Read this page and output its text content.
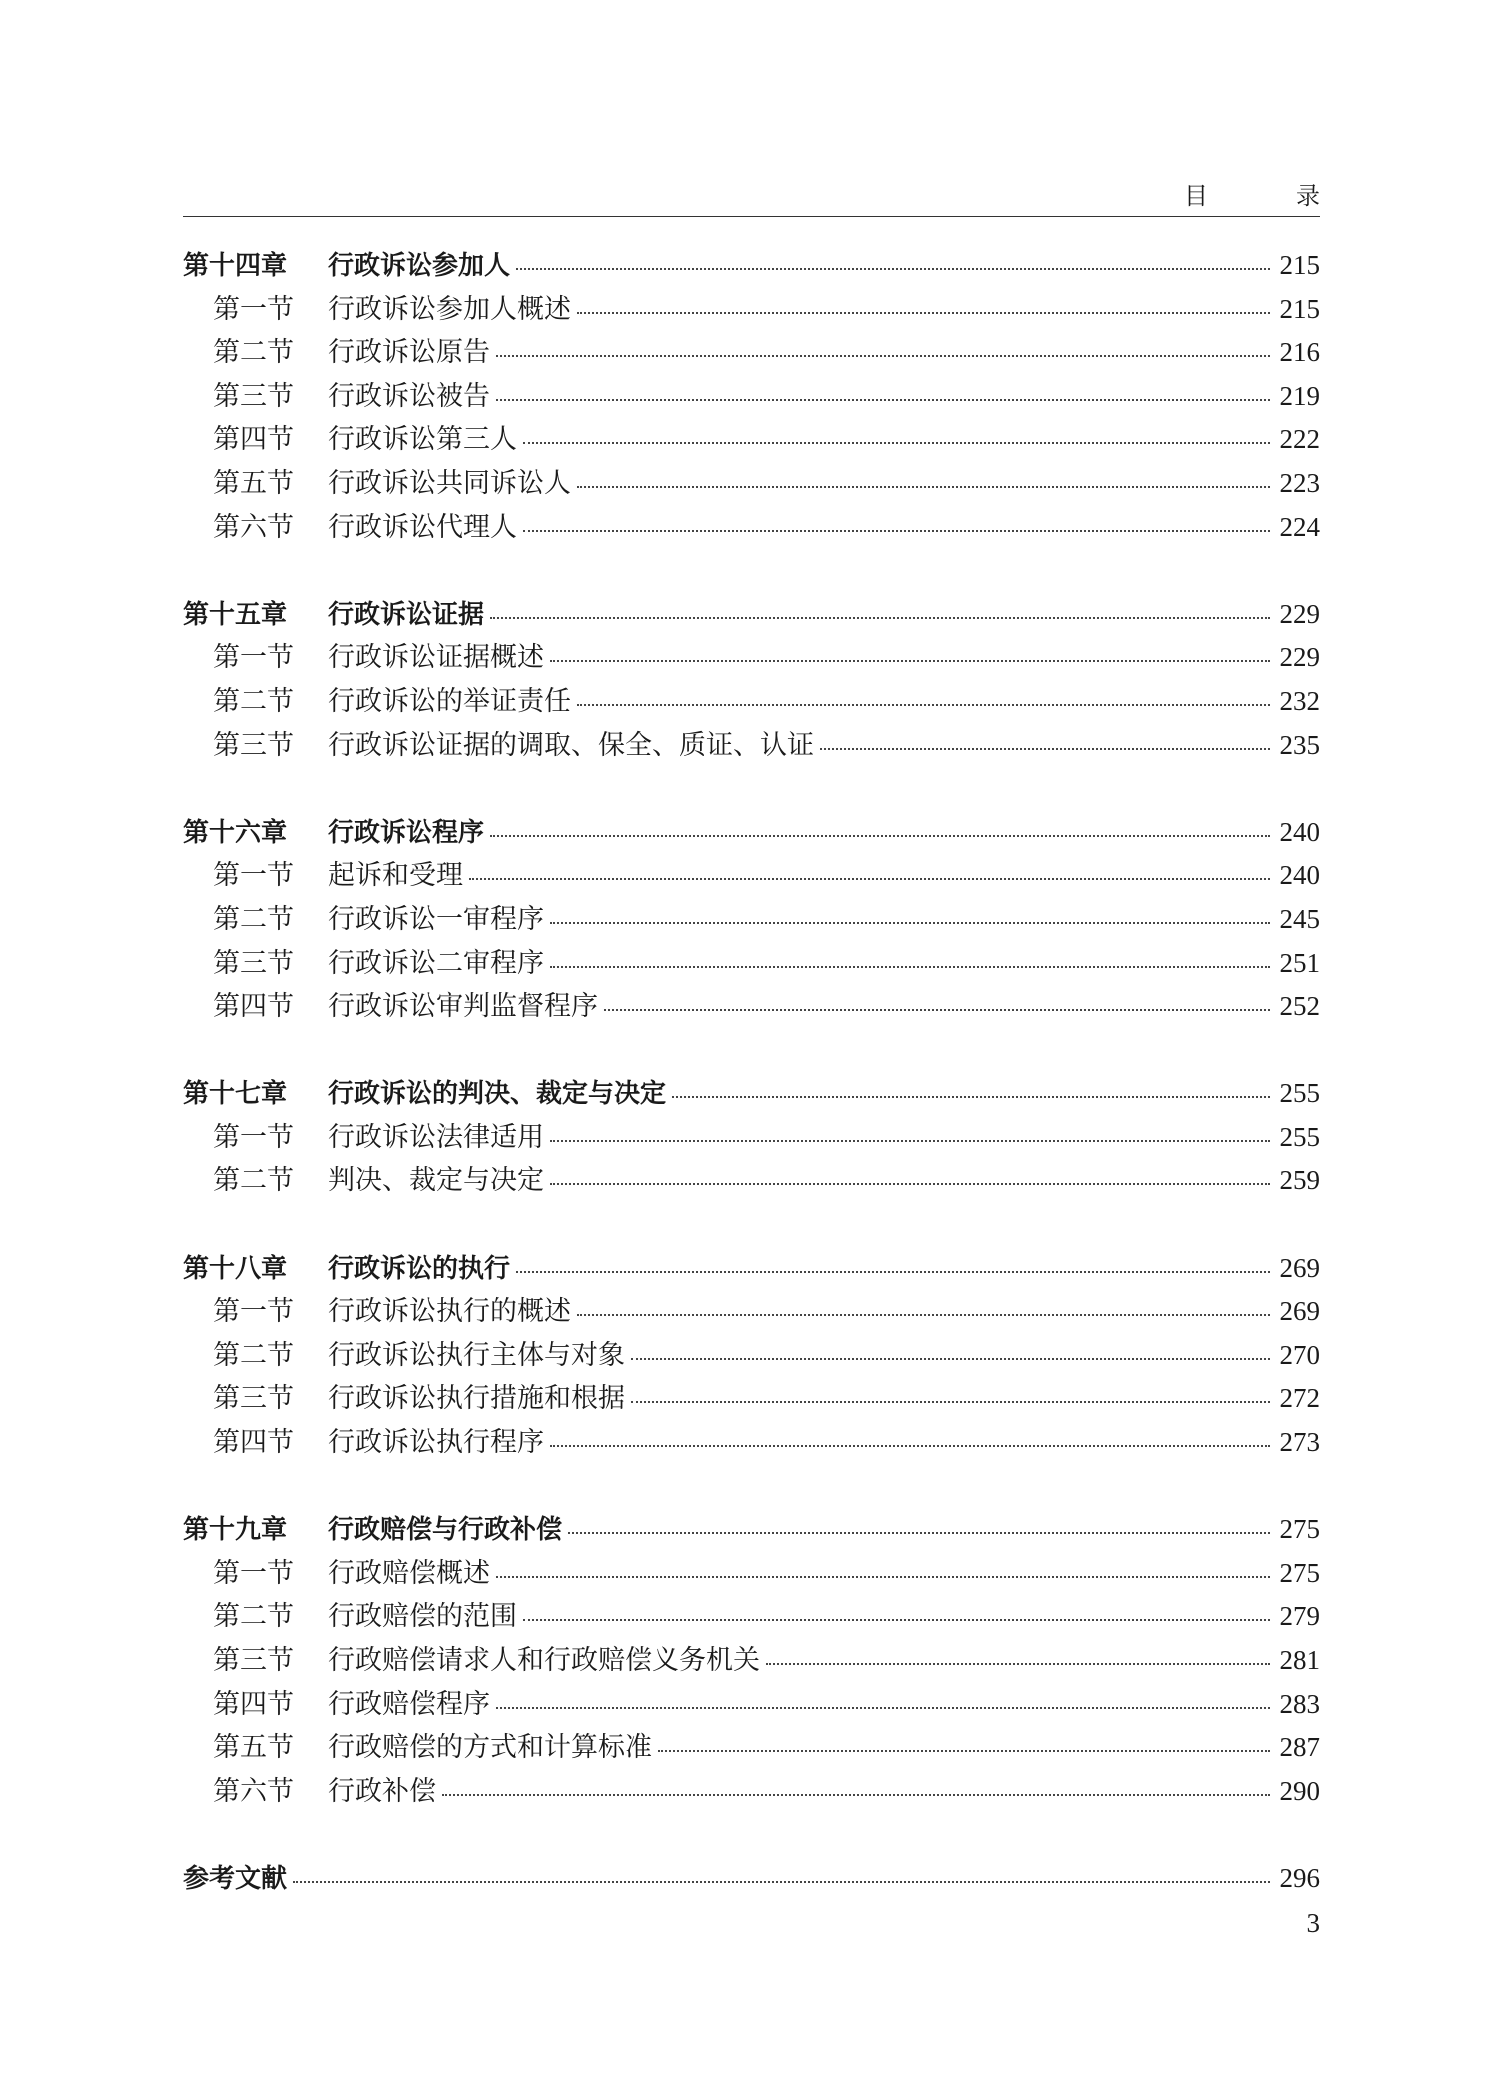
目　录
第十四章	行政诉讼参加人	215
第一节	行政诉讼参加人概述	215
第二节	行政诉讼原告	216
第三节	行政诉讼被告	219
第四节	行政诉讼第三人	222
第五节	行政诉讼共同诉讼人	223
第六节	行政诉讼代理人	224
第十五章	行政诉讼证据	229
第一节	行政诉讼证据概述	229
第二节	行政诉讼的举证责任	232
第三节	行政诉讼证据的调取、保全、质证、认证	235
第十六章	行政诉讼程序	240
第一节	起诉和受理	240
第二节	行政诉讼一审程序	245
第三节	行政诉讼二审程序	251
第四节	行政诉讼审判监督程序	252
第十七章	行政诉讼的判决、裁定与决定	255
第一节	行政诉讼法律适用	255
第二节	判决、裁定与决定	259
第十八章	行政诉讼的执行	269
第一节	行政诉讼执行的概述	269
第二节	行政诉讼执行主体与对象	270
第三节	行政诉讼执行措施和根据	272
第四节	行政诉讼执行程序	273
第十九章	行政赔偿与行政补偿	275
第一节	行政赔偿概述	275
第二节	行政赔偿的范围	279
第三节	行政赔偿请求人和行政赔偿义务机关	281
第四节	行政赔偿程序	283
第五节	行政赔偿的方式和计算标准	287
第六节	行政补偿	290
参考文献	296
3
